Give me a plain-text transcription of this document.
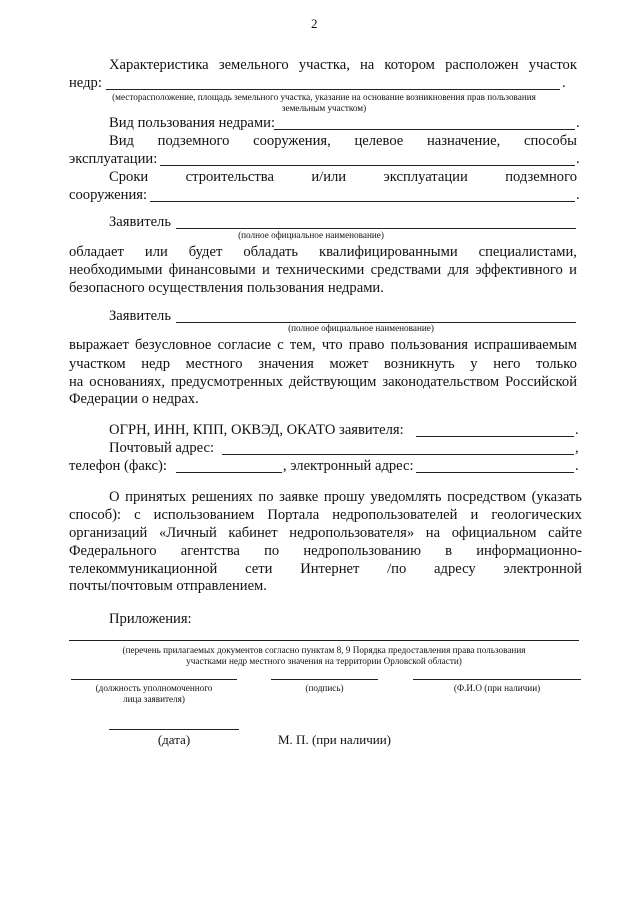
2
Характеристика земельного участка, на котором расположен участок
недр:	.
(месторасположение, площадь земельного участка, указание на основание возникновения прав пользования
земельным участком)
Вид пользования недрами:	.
Вид подземного сооружения, целевое назначение, способы
эксплуатации:	.
Сроки	строительства	и/или	эксплуатации	подземного
сооружения:	.
Заявитель
(полное официальное наименование)
обладает или будет обладать квалифицированными специалистами,
необходимыми финансовыми и техническими средствами для эффективного и
безопасного осуществления пользования недрами.
Заявитель
(полное официальное наименование)
выражает безусловное согласие с тем, что право пользования испрашиваемым
участком недр местного значения может возникнуть у него только
на основаниях, предусмотренных действующим законодательством Российской
Федерации о недрах.
ОГРН, ИНН, КПП, ОКВЭД, ОКАТО заявителя:	.
Почтовый адрес:	,
телефон (факс):	, электронный адрес:	.
О принятых решениях по заявке прошу уведомлять посредством (указать
способ): с использованием Портала недропользователей и геологических
организаций «Личный кабинет недропользователя» на официальном сайте
Федерального агентства по недропользованию в информационно-
телекоммуникационной сети Интернет /по адресу электронной
почты/почтовым отправлением.
Приложения:
(перечень прилагаемых документов согласно пунктам 8, 9 Порядка предоставления права пользования
участками недр местного значения на территории Орловской области)
(должность уполномоченного
лица заявителя)
(подпись)	(Ф.И.О (при наличии)
(дата)	М. П. (при наличии)
